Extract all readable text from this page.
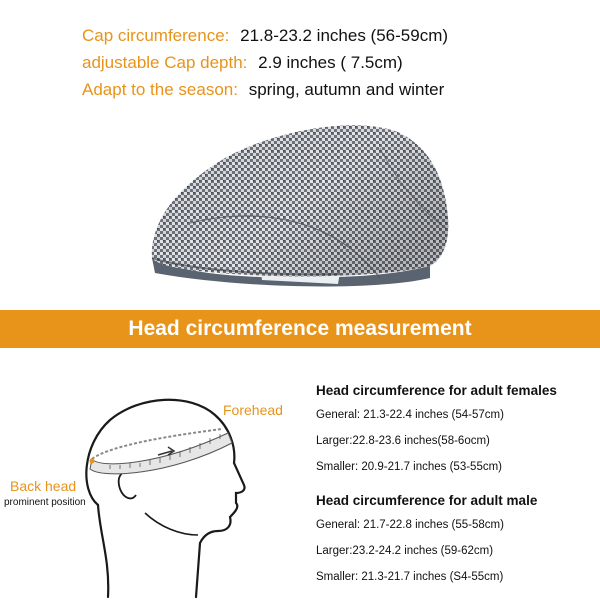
Cap circumference: 21.8-23.2 inches (56-59cm)
adjustable Cap depth: 2.9 inches ( 7.5cm)
Adapt to the season: spring, autumn and winter
Head circumference measurement
Forehead
Back head
prominent position
Head circumference for adult females
General: 21.3-22.4 inches (54-57cm)
Larger:22.8-23.6 inches(58-6ocm)
Smaller: 20.9-21.7 inches (53-55cm)
Head circumference for adult male
General: 21.7-22.8 inches (55-58cm)
Larger:23.2-24.2 inches (59-62cm)
Smaller: 21.3-21.7 inches (S4-55cm)
